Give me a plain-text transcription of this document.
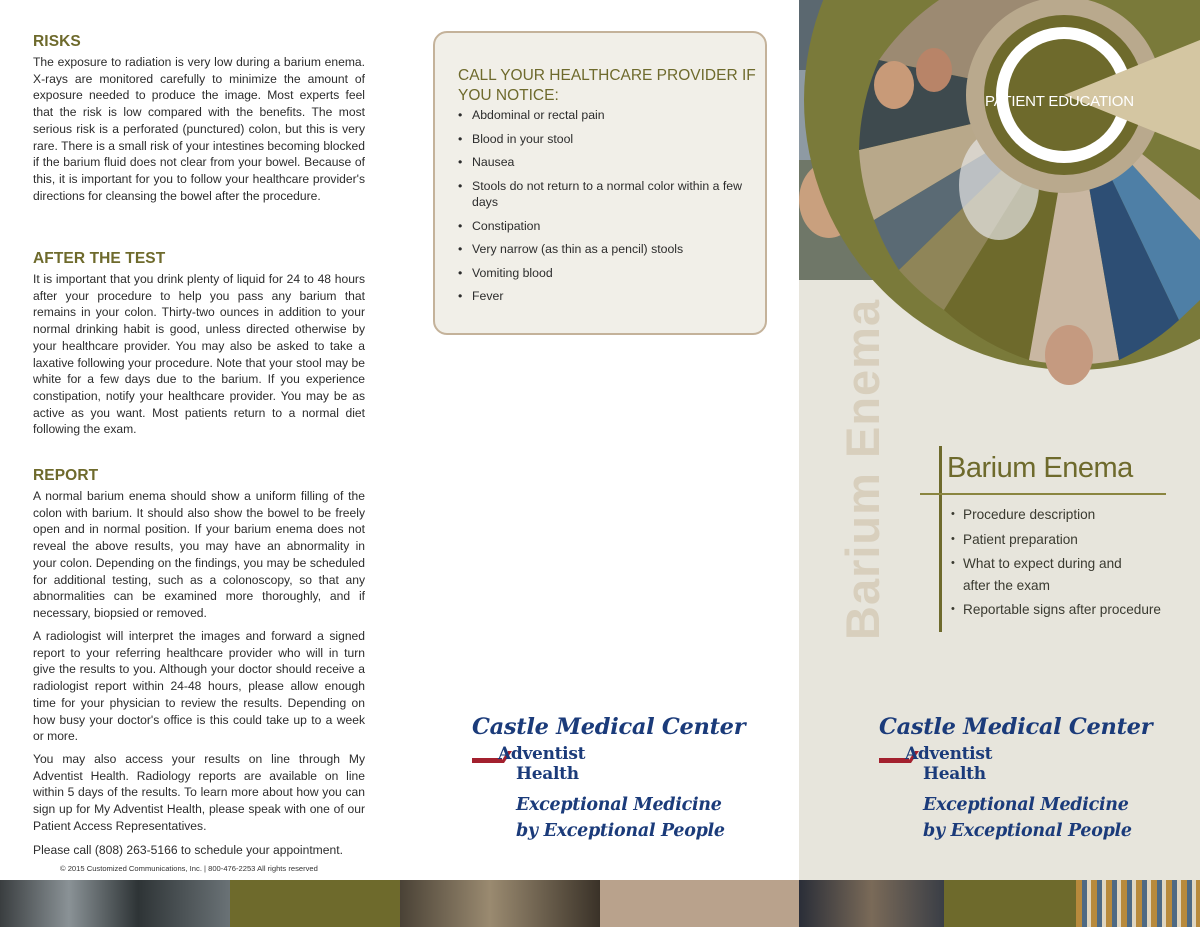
RISKS

The exposure to radiation is very low during a barium enema. X-rays are monitored carefully to minimize the amount of exposure needed to produce the image. Most experts feel that the risk is low compared with the benefits. The most serious risk is a perforated (punctured) colon, but this is very rare. There is a small risk of your intestines becoming blocked if the barium fluid does not clear from your bowel. Because of this, it is important for you to follow your healthcare provider's directions for cleansing the bowel after the procedure.

AFTER THE TEST

It is important that you drink plenty of liquid for 24 to 48 hours after your procedure to help you pass any barium that remains in your colon. Thirty-two ounces in addition to your normal drinking habit is good, unless directed otherwise by your healthcare provider. You may also be asked to take a laxative following your procedure. Note that your stool may be white for a few days due to the barium. If you experience constipation, notify your healthcare provider. You may be as active as you want. Most patients return to a normal diet following the exam.

REPORT

A normal barium enema should show a uniform filling of the colon with barium. It should also show the bowel to be freely open and in normal position. If your barium enema does not reveal the above results, you may have an abnormality in your colon. Depending on the findings, you may be scheduled for additional testing, such as a colonoscopy, so that any abnormalities can be examined more thoroughly, and if necessary, biopsied or removed.

A radiologist will interpret the images and forward a signed report to your referring healthcare provider who will in turn give the results to you. Although your doctor should receive a radiologist report within 24-48 hours, please allow enough time for your physician to review the results. Depending on how busy your doctor's office is this could take up to a week or more.

You may also access your results on line through My Adventist Health. Radiology reports are available on line within 5 days of the results. To learn more about how you can sign up for My Adventist Health, please speak with one of our Patient Access Representatives.

Please call (808) 263-5166 to schedule your appointment.

© 2015 Customized Communications, Inc. | 800-476-2253 All rights reserved
CALL YOUR HEALTHCARE PROVIDER IF YOU NOTICE:
• Abdominal or rectal pain
• Blood in your stool
• Nausea
• Stools do not return to a normal color within a few days
• Constipation
• Very narrow (as thin as a pencil) stools
• Vomiting blood
• Fever
Castle Medical Center
Adventist
Health
Exceptional Medicine
by Exceptional People
PATIENT EDUCATION
Barium Enema Barium Enema
• Procedure description
• Patient preparation
• What to expect during and after the exam
• Reportable signs after procedure
Castle Medical Center
Adventist
Health
Exceptional Medicine
by Exceptional People
